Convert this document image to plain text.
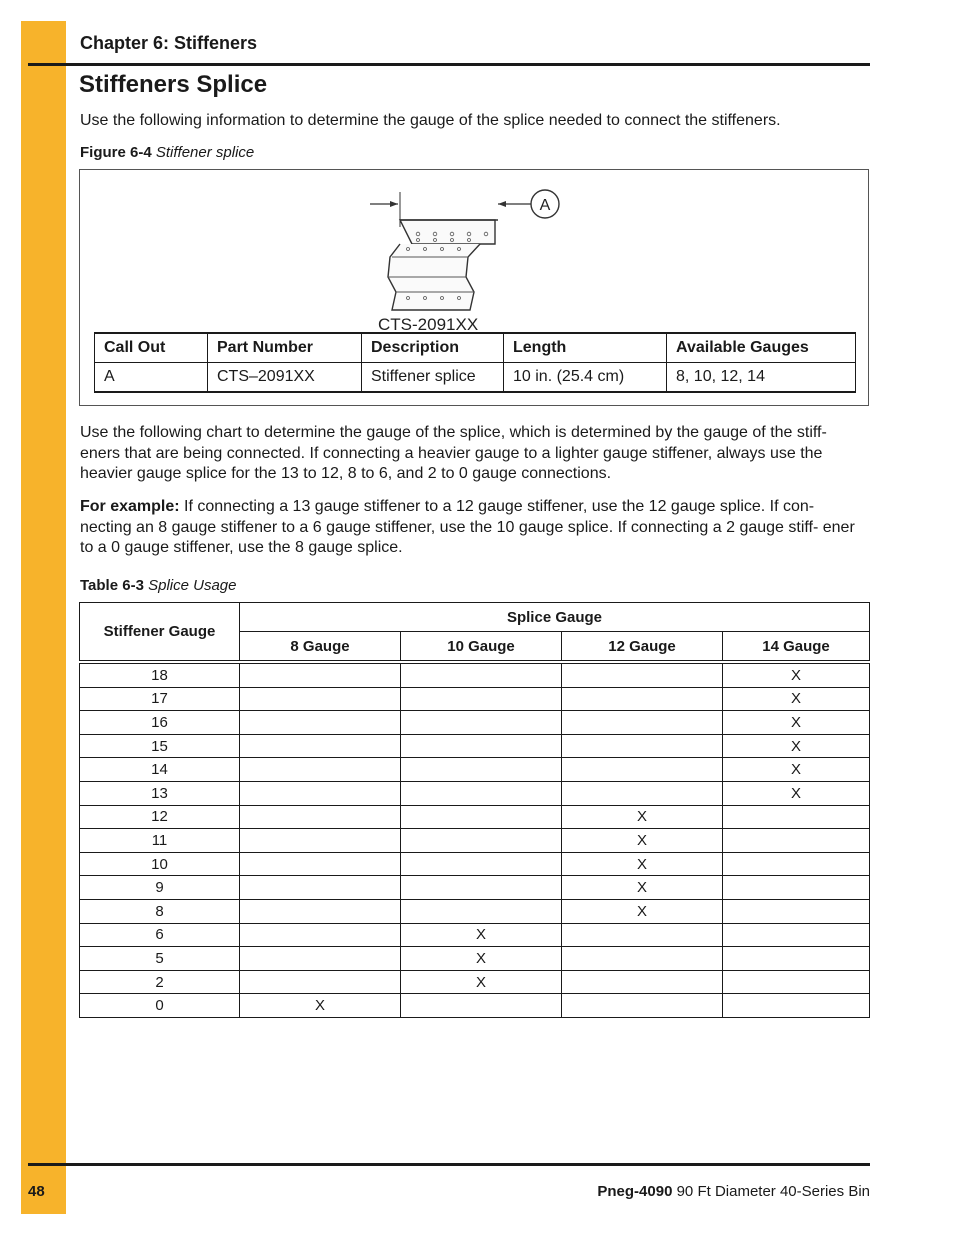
Chapter 6: Stiffeners
Stiffeners Splice
Use the following information to determine the gauge of the splice needed to connect the stiffeners.
Figure 6-4 Stiffener splice
A
CTS-2091XX
Call Out	Part Number	Description	Length	Available Gauges
A	CTS–2091XX	Stiffener splice	10 in. (25.4 cm)	8, 10, 12, 14
Use the following chart to determine the gauge of the splice, which is determined by the gauge of the stiff- eners that are being connected. If connecting a heavier gauge to a lighter gauge stiffener, always use the heavier gauge splice for the 13 to 12, 8 to 6, and 2 to 0 gauge connections.
For example: If connecting a 13 gauge stiffener to a 12 gauge stiffener, use the 12 gauge splice. If con- necting an 8 gauge stiffener to a 6 gauge stiffener, use the 10 gauge splice. If connecting a 2 gauge stiff- ener to a 0 gauge stiffener, use the 8 gauge splice.
Table 6-3 Splice Usage
Stiffener Gauge	Splice Gauge			
	8 Gauge	10 Gauge	12 Gauge	14 Gauge
18				X
17				X
16				X
15				X
14				X
13				X
12			X	
11			X	
10			X	
9			X	
8			X	
6		X		
5		X		
2		X		
0	X			
48	Pneg-4090 90 Ft Diameter 40-Series Bin
